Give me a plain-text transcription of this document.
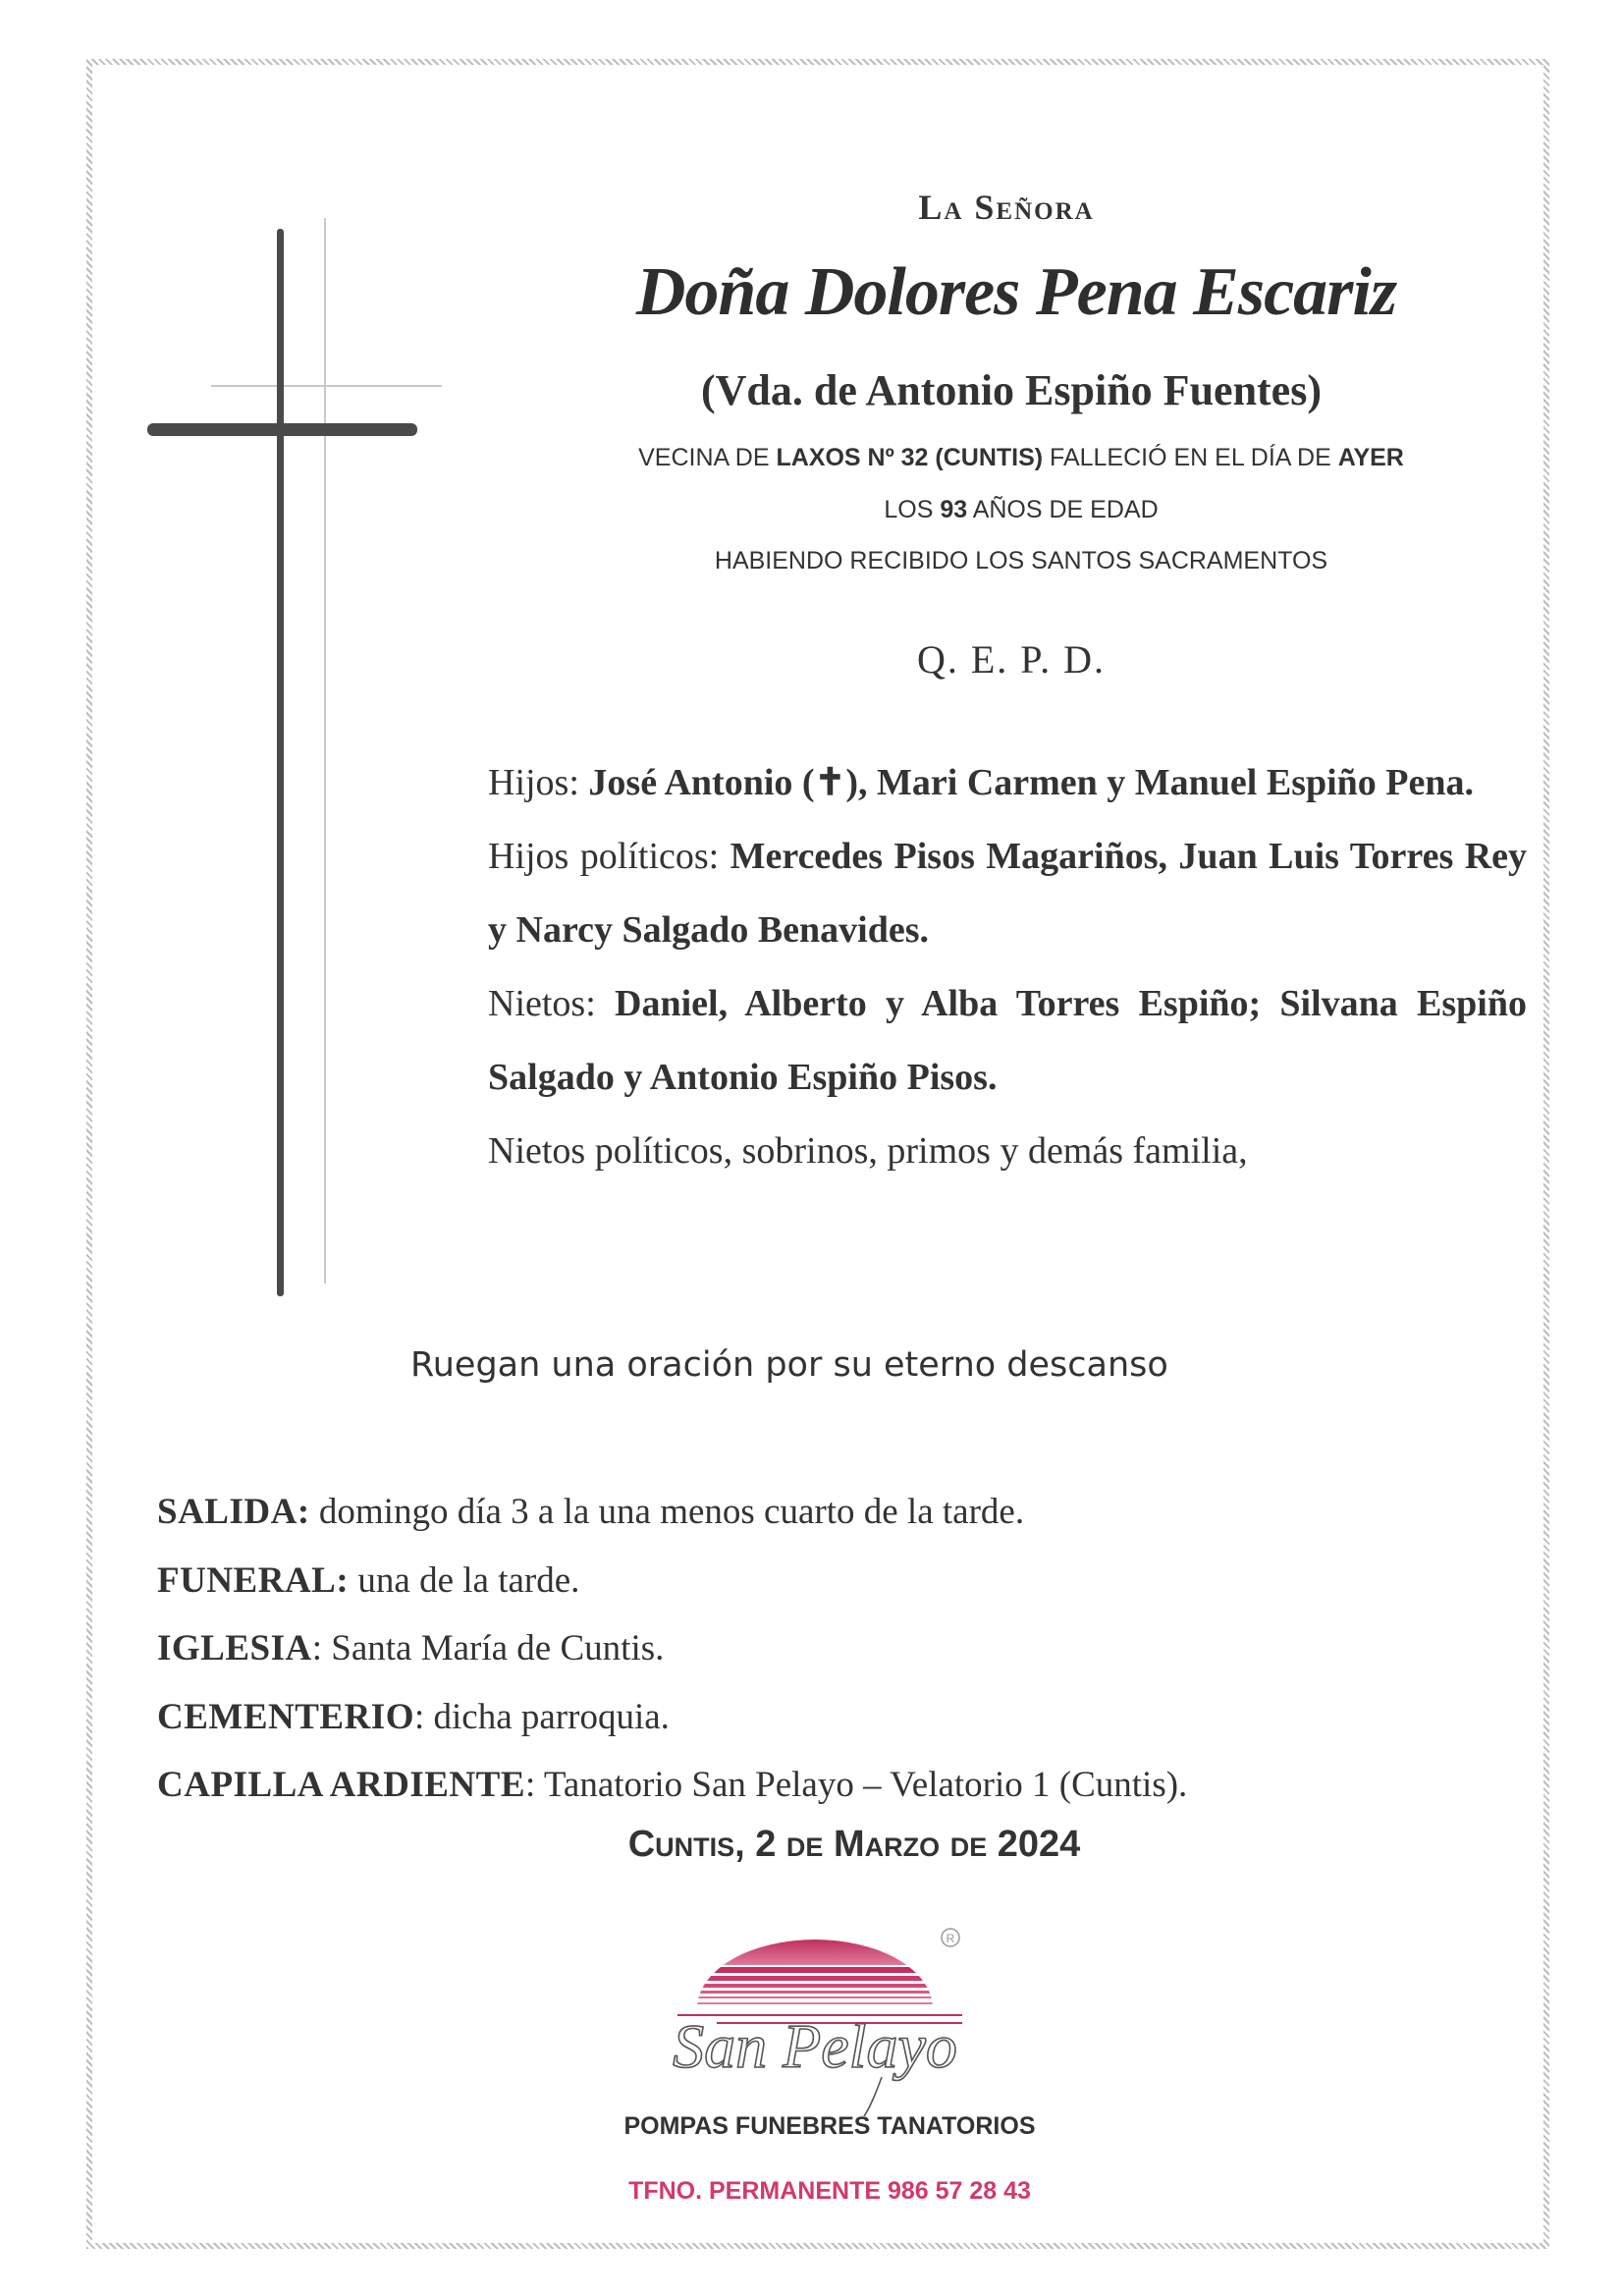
La Señora
Doña Dolores Pena Escariz
(Vda. de Antonio Espiño Fuentes)
VECINA DE LAXOS Nº 32 (CUNTIS) FALLECIÓ EN EL DÍA DE AYER
LOS 93 AÑOS DE EDAD
HABIENDO RECIBIDO LOS SANTOS SACRAMENTOS
Q. E. P. D.

Hijos: José Antonio (✝), Mari Carmen y Manuel Espiño Pena.

Hijos políticos: Mercedes Pisos Magariños, Juan Luis Torres Rey y Narcy Salgado Benavides.

Nietos: Daniel, Alberto y Alba Torres Espiño; Silvana Espiño Salgado y Antonio Espiño Pisos.

Nietos políticos, sobrinos, primos y demás familia,

Ruegan una oración por su eterno descanso

SALIDA: domingo día 3 a la una menos cuarto de la tarde.

FUNERAL: una de la tarde.

IGLESIA: Santa María de Cuntis.

CEMENTERIO: dicha parroquia.

CAPILLA ARDIENTE: Tanatorio San Pelayo – Velatorio 1 (Cuntis).

Cuntis, 2 de Marzo de 2024
R
San Pelayo
POMPAS FUNEBRES TANATORIOS
TFNO. PERMANENTE 986 57 28 43
